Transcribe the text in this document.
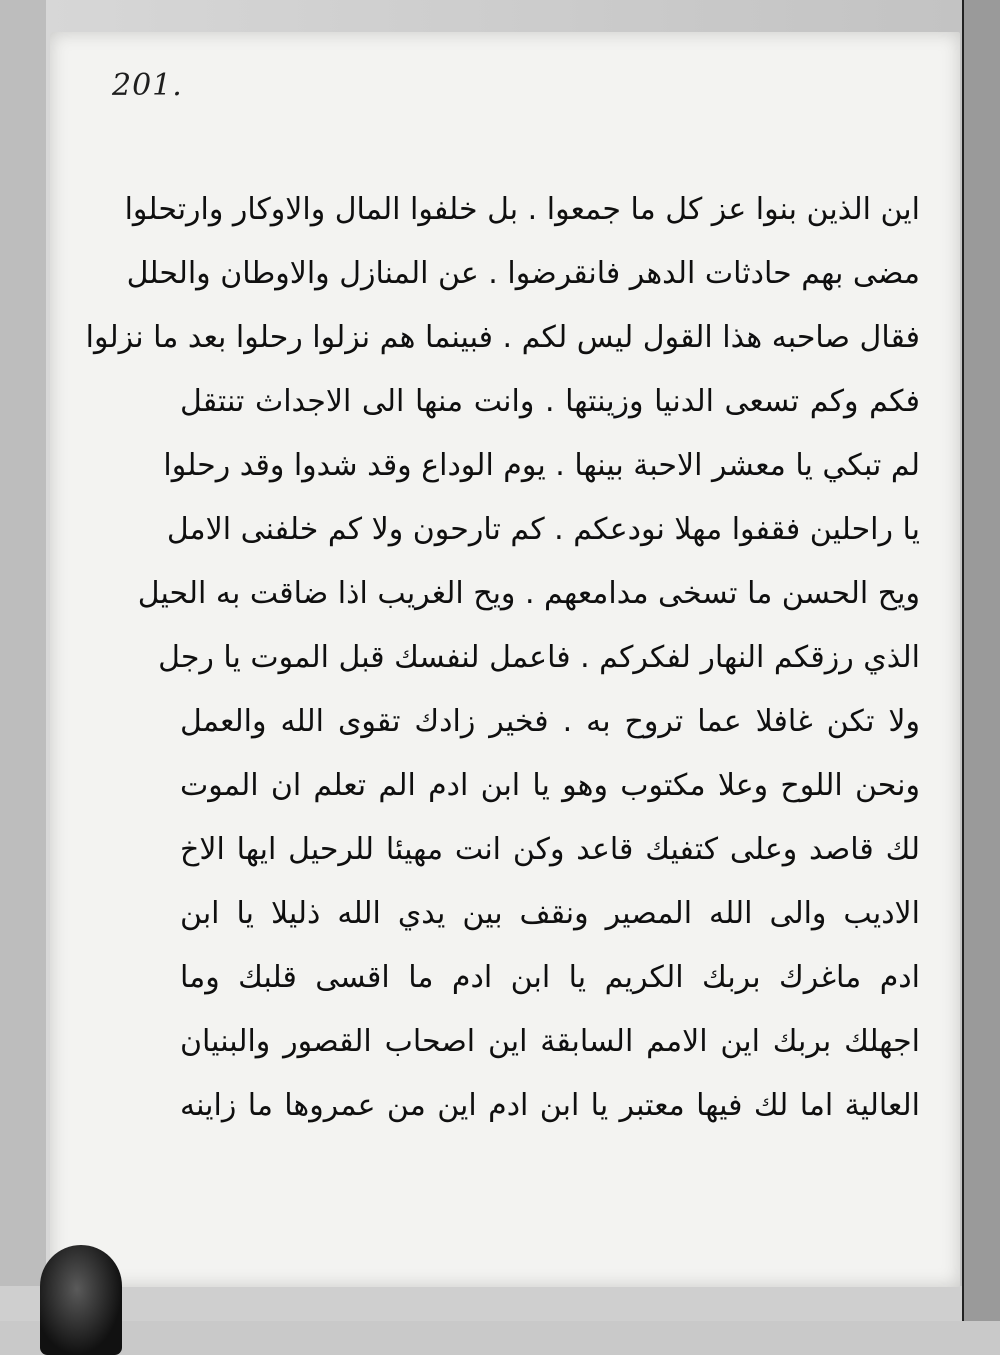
201.
اين الذين بنوا عز كل ما جمعوا . بل خلفوا المال والاوكار وارتحلوا
مضى بهم حادثات الدهر فانقرضوا . عن المنازل والاوطان والحلل
فقال صاحبه هذا القول ليس لكم . فبينما هم نزلوا رحلوا بعد ما نزلوا
فكم وكم تسعى الدنيا وزينتها . وانت منها الى الاجداث تنتقل
لم تبكي يا معشر الاحبة بينها . يوم الوداع وقد شدوا وقد رحلوا
يا راحلين فقفوا مهلا نودعكم . كم تارحون ولا كم خلفنى الامل
ويح الحسن ما تسخى مدامعهم . ويح الغريب اذا ضاقت به الحيل
الذي رزقكم النهار لفكركم . فاعمل لنفسك قبل الموت يا رجل
ولا تكن غافلا عما تروح به . فخير زادك تقوى الله والعمل
ونحن اللوح وعلا مكتوب وهو يا ابن ادم الم تعلم ان الموت
لك قاصد وعلى كتفيك قاعد وكن انت مهيئا للرحيل ايها الاخ
الاديب والى الله المصير ونقف بين يدي الله ذليلا يا ابن
ادم ماغرك بربك الكريم يا ابن ادم ما اقسى قلبك وما
اجهلك بربك اين الامم السابقة اين اصحاب القصور والبنيان
العالية اما لك فيها معتبر يا ابن ادم اين من عمروها ما زاينه
